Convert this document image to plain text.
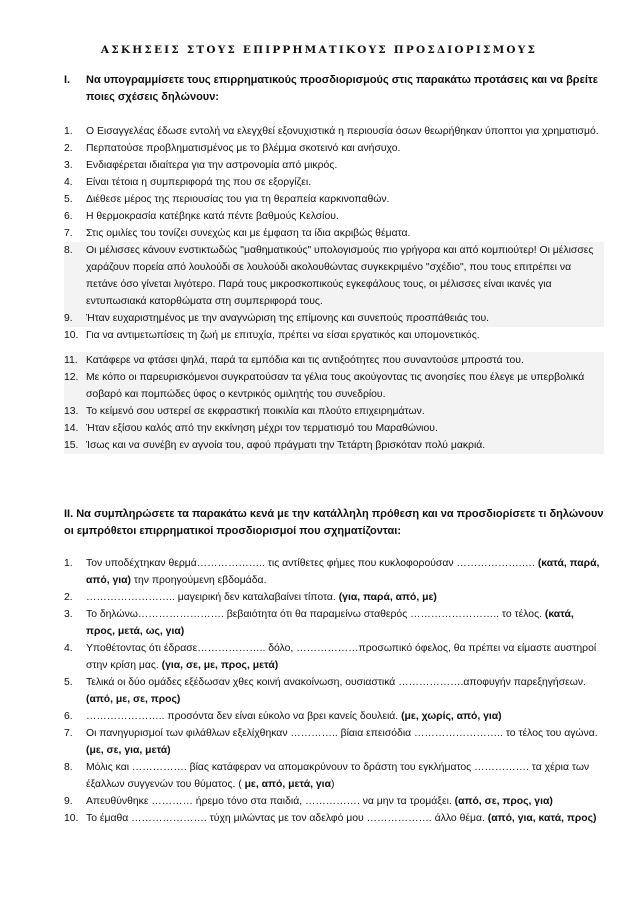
ΑΣΚΗΣΕΙΣ ΣΤΟΥΣ ΕΠΙΡΡΗΜΑΤΙΚΟΥΣ ΠΡΟΣΔΙΟΡΙΣΜΟΥΣ
I.	Να υπογραμμίσετε τους επιρρηματικούς προσδιορισμούς στις παρακάτω προτάσεις και να βρείτε ποιες σχέσεις δηλώνουν:
1. Ο Εισαγγελέας έδωσε εντολή να ελεγχθεί εξονυχιστικά η περιουσία όσων θεωρήθηκαν ύποπτοι για χρηματισμό.
2. Περπατούσε προβληματισμένος με το βλέμμα σκοτεινό και ανήσυχο.
3. Ενδιαφέρεται ιδιαίτερα για την αστρονομία από μικρός.
4. Είναι τέτοια η συμπεριφορά της που σε εξοργίζει.
5. Διέθεσε μέρος της περιουσίας του για τη θεραπεία καρκινοπαθών.
6. Η θερμοκρασία κατέβηκε κατά πέντε βαθμούς Κελσίου.
7. Στις ομιλίες του τονίζει συνεχώς και με έμφαση τα ίδια ακριβώς θέματα.
8. Οι μέλισσες κάνουν ενστικτωδώς "μαθηματικούς" υπολογισμούς πιο γρήγορα και από κομπιούτερ! Οι μέλισσες χαράζουν πορεία από λουλούδι σε λουλούδι ακολουθώντας συγκεκριμένο "σχέδιο", που τους επιτρέπει να πετάνε όσο γίνεται λιγότερο. Παρά τους μικροσκοπικούς εγκεφάλους τους, οι μέλισσες είναι ικανές για εντυπωσιακά κατορθώματα στη συμπεριφορά τους.
9. Ήταν ευχαριστημένος με την αναγνώριση της επίμονης και συνεπούς προσπάθειάς του.
10. Για να αντιμετωπίσεις τη ζωή με επιτυχία, πρέπει να είσαι εργατικός και υπομονετικός.
11. Κατάφερε να φτάσει ψηλά, παρά τα εμπόδια και τις αντιξοότητες που συναντούσε μπροστά του.
12. Με κόπο οι παρευρισκόμενοι συγκρατούσαν τα γέλια τους ακούγοντας τις ανοησίες που έλεγε με υπερβολικά σοβαρό και πομπώδες ύφος ο κεντρικός ομιλητής του συνεδρίου.
13. Το κείμενό σου υστερεί σε εκφραστική ποικιλία και πλούτο επιχειρημάτων.
14. Ήταν εξίσου καλός από την εκκίνηση μέχρι τον τερματισμό του Μαραθώνιου.
15. Ίσως και να συνέβη εν αγνοία του, αφού πράγματι την Τετάρτη βρισκόταν πολύ μακριά.
II. Να συμπληρώσετε τα παρακάτω κενά με την κατάλληλη πρόθεση και να προσδιορίσετε τι δηλώνουν οι εμπρόθετοι επιρρηματικοί προσδιορισμοί που σχηματίζονται:
1. Τον υποδέχτηκαν θερμά……………….. τις αντίθετες φήμες που κυκλοφορούσαν ……………….…. (κατά, παρά, από, για) την προηγούμενη εβδομάδα.
2. …………………….. μαγειρική δεν καταλαβαίνει τίποτα. (για, παρά, από, με)
3. Το δηλώνω……………………. βεβαιότητα ότι θα παραμείνω σταθερός …………………….. το τέλος. (κατά, προς, μετά, ως, για)
4. Υποθέτοντας ότι έδρασε……………….. δόλο, ………………προσωπικό όφελος, θα πρέπει να είμαστε αυστηροί στην κρίση μας. (για, σε, με, προς, μετά)
5. Τελικά οι δύο ομάδες εξέδωσαν χθες κοινή ανακοίνωση, ουσιαστικά ……………….αποφυγήν παρεξηγήσεων. (από, με, σε, προς)
6. ………………….. προσόντα δεν είναι εύκολο να βρει κανείς δουλειά. (με, χωρίς, από, για)
7. Οι πανηγυρισμοί των φιλάθλων εξελίχθηκαν ………….. βίαια επεισόδια …………………….. το τέλος του αγώνα. (με, σε, για, μετά)
8. Μόλις και ……………. βίας κατάφεραν να απομακρύνουν το δράστη του εγκλήματος ……………. τα χέρια των έξαλλων συγγενών του θύματος. ( με, από, μετά, για)
9. Απευθύνθηκε ………… ήρεμο τόνο στα παιδιά, ……………. να μην τα τρομάξει. (από, σε, προς, για)
10. Το έμαθα …………………. τύχη μιλώντας με τον αδελφό μου ………………. άλλο θέμα. (από, για, κατά, προς)
